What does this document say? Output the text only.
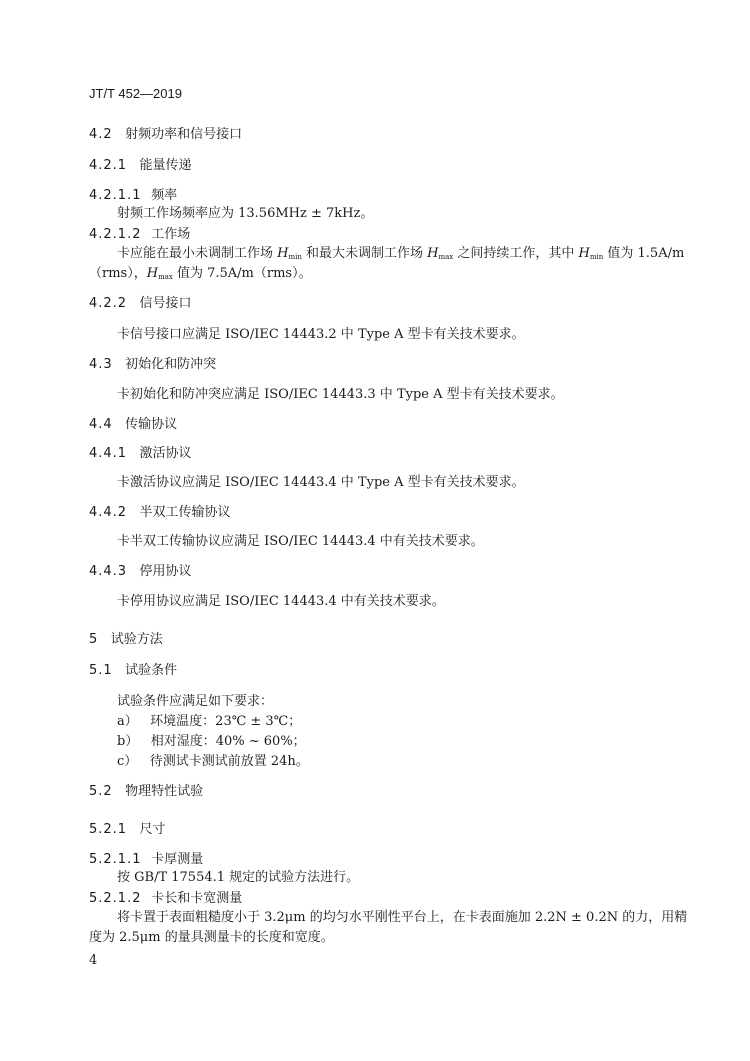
JT/T 452—2019
4.2 射频功率和信号接口
4.2.1 能量传递
4.2.1.1 频率
射频工作场频率应为 13.56MHz ± 7kHz。
4.2.1.2 工作场
卡应能在最小未调制工作场 $H_{min}$ 和最大未调制工作场 $H_{max}$ 之间持续工作，其中 $H_{min}$ 值为 1.5A/m
（rms），$H_{max}$ 值为 7.5A/m（rms）。
4.2.2 信号接口
卡信号接口应满足 ISO/IEC 14443.2 中 Type A 型卡有关技术要求。
4.3 初始化和防冲突
卡初始化和防冲突应满足 ISO/IEC 14443.3 中 Type A 型卡有关技术要求。
4.4 传输协议
4.4.1 激活协议
卡激活协议应满足 ISO/IEC 14443.4 中 Type A 型卡有关技术要求。
4.4.2 半双工传输协议
卡半双工传输协议应满足 ISO/IEC 14443.4 中有关技术要求。
4.4.3 停用协议
卡停用协议应满足 ISO/IEC 14443.4 中有关技术要求。
5 试验方法
5.1 试验条件
试验条件应满足如下要求：
a） 环境温度：23℃ ± 3℃；
b） 相对湿度：40% ~ 60%；
c） 待测试卡测试前放置 24h。
5.2 物理特性试验
5.2.1 尺寸
5.2.1.1 卡厚测量
按 GB/T 17554.1 规定的试验方法进行。
5.2.1.2 卡长和卡宽测量
将卡置于表面粗糙度小于 3.2μm 的均匀水平刚性平台上，在卡表面施加 2.2N ± 0.2N 的力，用精
度为 2.5μm 的量具测量卡的长度和宽度。
4
